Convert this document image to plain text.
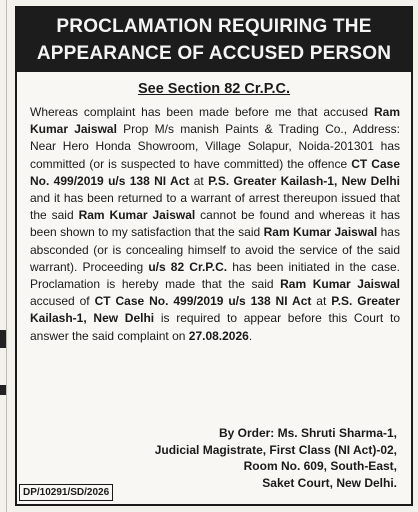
PROCLAMATION REQUIRING THE
APPEARANCE OF ACCUSED PERSON
See Section 82 Cr.P.C.
Whereas complaint has been made before me that accused Ram Kumar Jaiswal Prop M/s manish Paints & Trading Co., Address: Near Hero Honda Showroom, Village Solapur, Noida-201301 has committed (or is suspected to have committed) the offence CT Case No. 499/2019 u/s 138 NI Act at P.S. Greater Kailash-1, New Delhi and it has been returned to a warrant of arrest thereupon issued that the said Ram Kumar Jaiswal cannot be found and whereas it has been shown to my satisfaction that the said Ram Kumar Jaiswal has absconded (or is concealing himself to avoid the service of the said warrant). Proceeding u/s 82 Cr.P.C. has been initiated in the case. Proclamation is hereby made that the said Ram Kumar Jaiswal accused of CT Case No. 499/2019 u/s 138 NI Act at P.S. Greater Kailash-1, New Delhi is required to appear before this Court to answer the said complaint on 27.08.2026.
By Order: Ms. Shruti Sharma-1,
Judicial Magistrate, First Class (NI Act)-02,
Room No. 609, South-East,
Saket Court, New Delhi.
DP/10291/SD/2026
